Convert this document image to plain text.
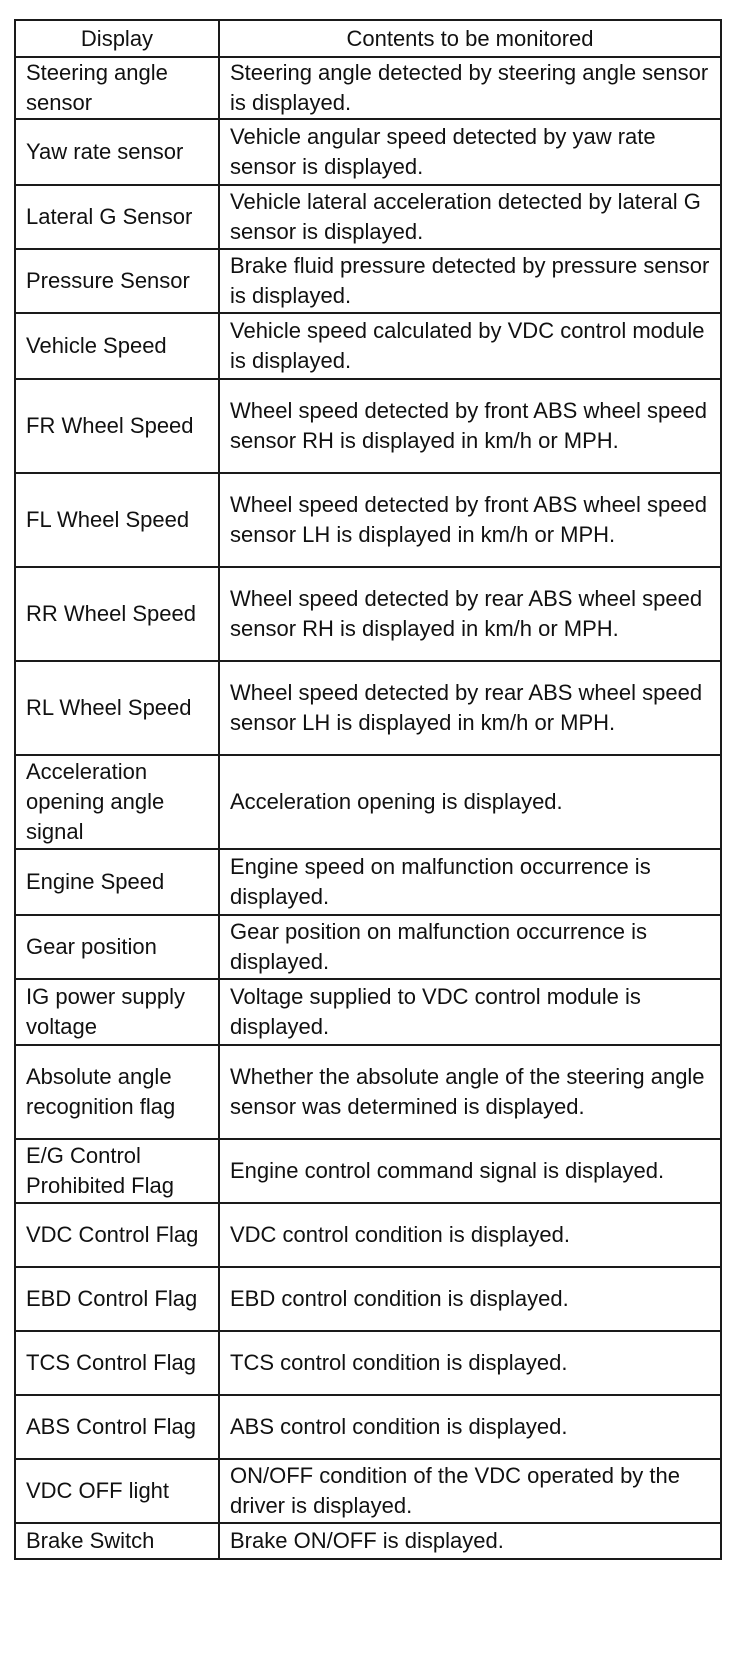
Display	Contents to be monitored
Steering angle sensor	Steering angle detected by steering angle sensor is displayed.
Yaw rate sensor	Vehicle angular speed detected by yaw rate sensor is displayed.
Lateral G Sensor	Vehicle lateral acceleration detected by lateral G sensor is displayed.
Pressure Sensor	Brake fluid pressure detected by pressure sensor is displayed.
Vehicle Speed	Vehicle speed calculated by VDC control module is displayed.
FR Wheel Speed	Wheel speed detected by front ABS wheel speed sensor RH is displayed in km/h or MPH.
FL Wheel Speed	Wheel speed detected by front ABS wheel speed sensor LH is displayed in km/h or MPH.
RR Wheel Speed	Wheel speed detected by rear ABS wheel speed sensor RH is displayed in km/h or MPH.
RL Wheel Speed	Wheel speed detected by rear ABS wheel speed sensor LH is displayed in km/h or MPH.
Acceleration opening angle signal	Acceleration opening is displayed.
Engine Speed	Engine speed on malfunction occurrence is displayed.
Gear position	Gear position on malfunction occurrence is displayed.
IG power supply voltage	Voltage supplied to VDC control module is displayed.
Absolute angle recognition flag	Whether the absolute angle of the steering angle sensor was determined is displayed.
E/G Control Prohibited Flag	Engine control command signal is displayed.
VDC Control Flag	VDC control condition is displayed.
EBD Control Flag	EBD control condition is displayed.
TCS Control Flag	TCS control condition is displayed.
ABS Control Flag	ABS control condition is displayed.
VDC OFF light	ON/OFF condition of the VDC operated by the driver is displayed.
Brake Switch	Brake ON/OFF is displayed.
